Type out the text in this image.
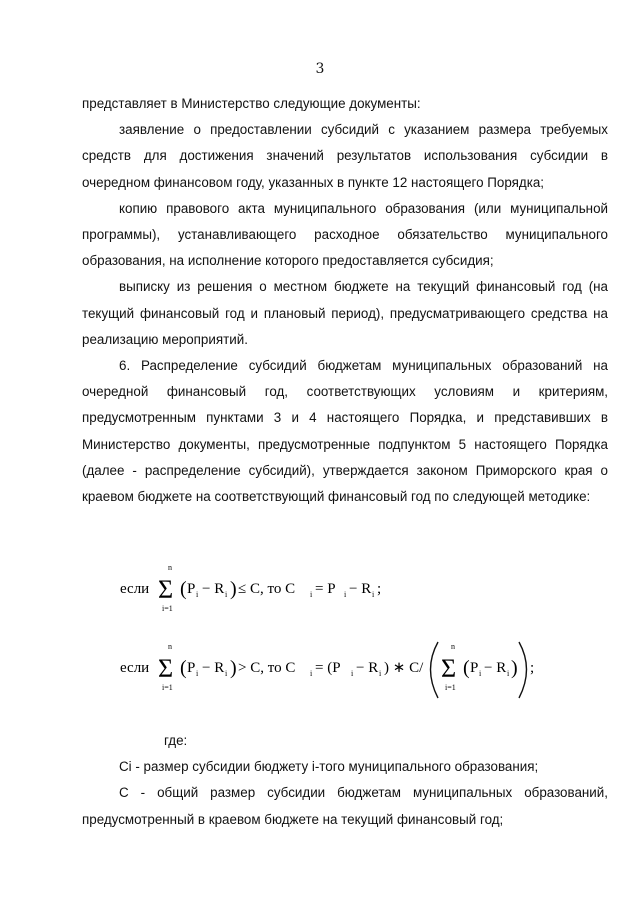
3

представляет в Министерство следующие документы:

заявление о предоставлении субсидий с указанием размера требуемых средств для достижения значений результатов использования субсидии в очередном финансовом году, указанных в пункте 12 настоящего Порядка;

копию правового акта муниципального образования (или муниципальной программы), устанавливающего расходное обязательство муниципального образования, на исполнение которого предоставляется субсидия;

выписку из решения о местном бюджете на текущий финансовый год (на текущий финансовый год и плановый период), предусматривающего средства на реализацию мероприятий.

6. Распределение субсидий бюджетам муниципальных образований на очередной финансовый год, соответствующих условиям и критериям, предусмотренным пунктами 3 и 4 настоящего Порядка, и представивших в Министерство документы, предусмотренные подпунктом 5 настоящего Порядка (далее - распределение субсидий), утверждается законом Приморского края о краевом бюджете на соответствующий финансовый год по следующей методике:

если
n
Σ
i=1
( P i − R i ) ≤ C, то C i = P i − R i ;
если
n
Σ
i=1
( P i − R i ) > C, то C i = (P i − R i ) ∗ C/
n
Σ
i=1
( P i − R i ) ;

где:

Ci - размер субсидии бюджету i-того муниципального образования;

C - общий размер субсидии бюджетам муниципальных образований, предусмотренный в краевом бюджете на текущий финансовый год;
